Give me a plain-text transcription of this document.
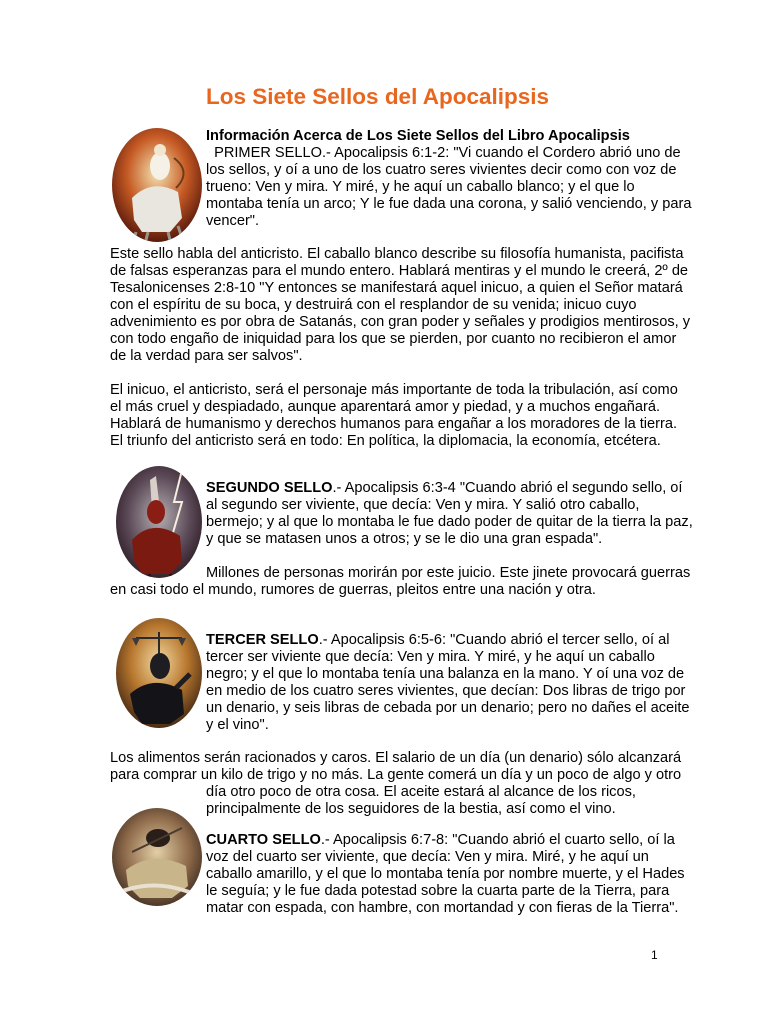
Los Siete Sellos del Apocalipsis

Información Acerca de Los Siete Sellos del Libro Apocalipsis

PRIMER SELLO.- Apocalipsis 6:1-2: "Vi cuando el Cordero abrió uno de

los sellos, y oí a uno de los cuatro seres vivientes decir como con voz de

trueno: Ven y mira. Y miré, y he aquí un caballo blanco; y el que lo

montaba tenía un arco; Y le fue dada una corona, y salió venciendo, y para

vencer".

Este sello habla del anticristo. El caballo blanco describe su filosofía humanista, pacifista

de falsas esperanzas para el mundo entero. Hablará mentiras y el mundo le creerá, 2º de

Tesalonicenses 2:8-10 "Y entonces se manifestará aquel inicuo, a quien el Señor matará

con el espíritu de su boca, y destruirá con el resplandor de su venida; inicuo cuyo

advenimiento es por obra de Satanás, con gran poder y señales y prodigios mentirosos, y

con todo engaño de iniquidad para los que se pierden, por cuanto no recibieron el amor

de la verdad para ser salvos".

El inicuo, el anticristo, será el personaje más importante de toda la tribulación, así como

el más cruel y despiadado, aunque aparentará amor y piedad, y a muchos engañará.

Hablará de humanismo y derechos humanos para engañar a los moradores de la tierra.

El triunfo del anticristo será en todo: En política, la diplomacia, la economía, etcétera.

SEGUNDO SELLO.- Apocalipsis 6:3-4 "Cuando abrió el segundo sello, oí

al segundo ser viviente, que decía: Ven y mira. Y salió otro caballo,

bermejo; y al que lo montaba le fue dado poder de quitar de la tierra la paz,

y que se matasen unos a otros; y se le dio una gran espada".

Millones de personas morirán por este juicio. Este jinete provocará guerras

en casi todo el mundo, rumores de guerras, pleitos entre una nación y otra.

TERCER SELLO.- Apocalipsis 6:5-6: "Cuando abrió el tercer sello, oí al

tercer ser viviente que decía: Ven y mira. Y miré, y he aquí un caballo

negro; y el que lo montaba tenía una balanza en la mano. Y oí una voz de

en medio de los cuatro seres vivientes, que decían: Dos libras de trigo por

un denario, y seis libras de cebada por un denario; pero no dañes el aceite

y el vino".

Los alimentos serán racionados y caros. El salario de un día (un denario) sólo alcanzará

para comprar un kilo de trigo y no más. La gente comerá un día y un poco de algo y otro

día otro poco de otra cosa. El aceite estará al alcance de los ricos,

principalmente de los seguidores de la bestia, así como el vino.

CUARTO SELLO.- Apocalipsis 6:7-8: "Cuando abrió el cuarto sello, oí la

voz del cuarto ser viviente, que decía: Ven y mira. Miré, y he aquí un

caballo amarillo, y el que lo montaba tenía por nombre muerte, y el Hades

le seguía; y le fue dada potestad sobre la cuarta parte de la Tierra, para

matar con espada, con hambre, con mortandad y con fieras de la Tierra".

1
